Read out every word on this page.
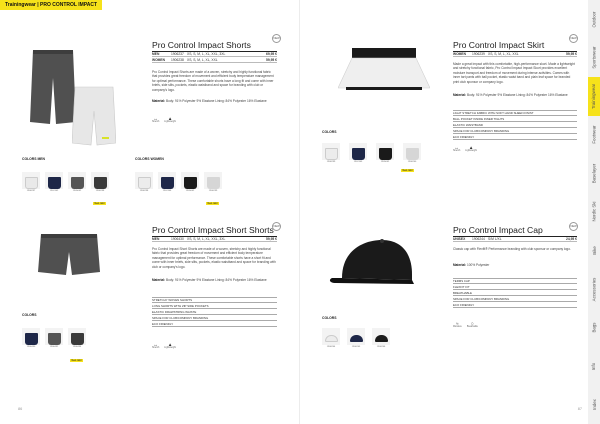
Trainingwear | PRO CONTROL IMPACT
Outdoor
Sportswear
Trainingwear
Footwear
Baselayer
Nordic Ski
Bike
Accessories
Bags
Info
Index
Pro Control Impact Shorts
NEW
MEN	1906237 XS, S, M, L, XL, XXL, 3XL	69,95 €
WOMEN	1906238 XS, S, M, L, XL, XXL	59,95 €
Pro Control Impact Shorts are made of a woven, stretchy and highly functional fabric that provides great freedom of movement and efficient body temperature management for optimal performance. These comfortable shorts have a long fit and come with inner briefs, side slits, pockets, elastic waistband and space for branding with club or company's logo.
Material: Body: 91% Polyester 9% Elastane Lining: 84% Polyester 16% Elastane
↔
Stretch
▲
Lightweight
COLORS MEN	COLORS WOMEN
1906237	1907402	1905002	1906238	1906238	1907406	1905002	1906239
New color	New color
Pro Control Impact Skirt
NEW
WOMEN	1906239 XS, S, M, L, XL, XXL	59,95 €
Made a great impact with this comfortable, high-performance skort. Made a lightweight and stretchy functional fabric, Pro Control Impact Impact Skort provides excellent moisture transport and freedom of movement during intense activities. Comes with inner tart pants with ball pocket, elastic waist band and plain leaf space for branded print club sponsor or company logo.
Material: Body: 91% Polyester 9% Elastane Lining: 84% Polyester 16% Elastane
LIGHT STRETCH FABRIC WITH SOFT HAND SHEEN FINIST
BALL POCKET INSIDE INNER TIGHTS
ELASTIC WAISTBAND
SPACE FOR CLUB/COMPANY BRANDING
ECO FRIENDLY
↔
Stretch
▲
Lightweight
COLORS
1906239	1907405	1905002	1906240
New color
Pro Control Impact Short Shorts NEW
MEN	1906430 XS, S, M, L, XL, XXL, 3XL	59,95 €
Pro Control Impact Short Shorts are made of a woven, stretchy and highly functional fabric that provides great freedom of movement and efficient body temperature management for optimal performance. These comfortable shorts have a short fit and come with inner briefs, side slits, pockets, elastic waistband and space for branding with club or company's logo.
Material: Body: 91% Polyester 9% Elastane Lining: 84% Polyester 16% Elastane
STRETCHY WOVEN SHORTS
LONG SHORTS WITH ZIP SIDE POCKETS
ELASTIC DRAWSTRING WAISTE
SPACE FOR CLUB/COMPANY BRANDING
ECO FRIENDLY
↔
Stretch
▲
Lightweight
COLORS
1906430	1906431	1906434
New color
Pro Control Impact Cap	NEW
UNISEX	1906244 S/M L/XL	24,95 €
Classic cap with Flexfit® Performance branding with club sponsor or company logo.
Material: 100% Polyester
TERMS CAP
FLEXFIT FIT
BREATHABLE
SPACE FOR CLUB/COMPANY BRANDING
ECO FRIENDLY
≈
Moisture
○
Breathable
COLORS
1906244	1906245	1906246
86	87
